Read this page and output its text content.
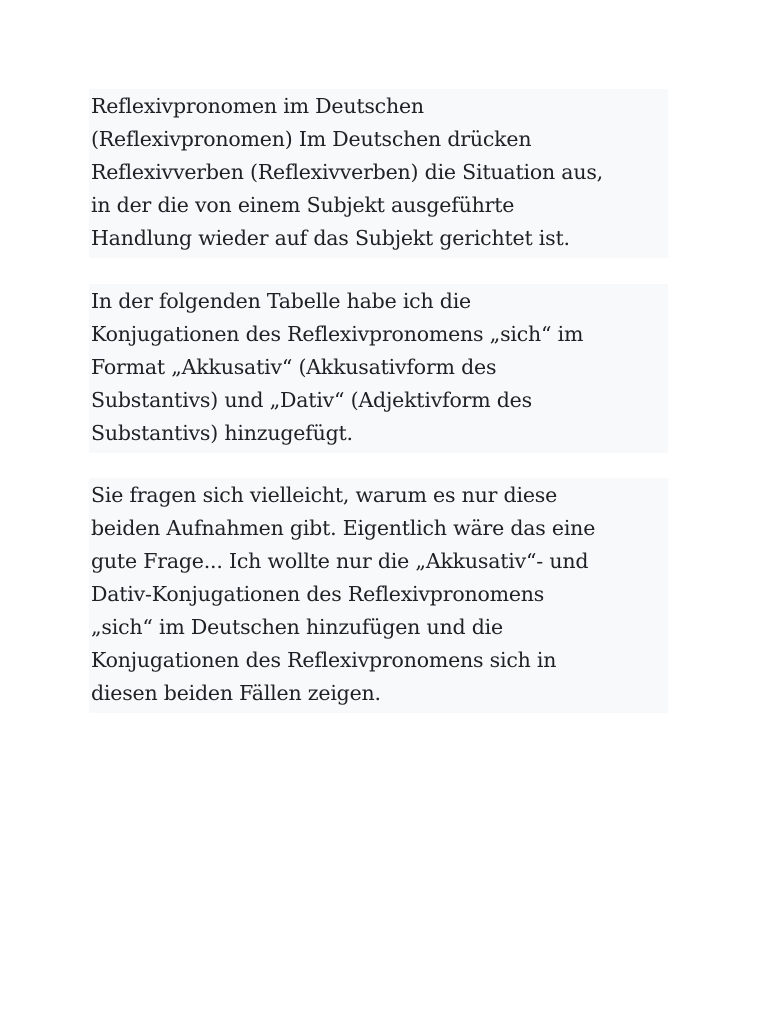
Reflexivpronomen im Deutschen
(Reflexivpronomen) Im Deutschen drücken
Reflexivverben (Reflexivverben) die Situation aus,
in der die von einem Subjekt ausgeführte
Handlung wieder auf das Subjekt gerichtet ist.
In der folgenden Tabelle habe ich die
Konjugationen des Reflexivpronomens „sich“ im
Format „Akkusativ“ (Akkusativform des
Substantivs) und „Dativ“ (Adjektivform des
Substantivs) hinzugefügt.
Sie fragen sich vielleicht, warum es nur diese
beiden Aufnahmen gibt. Eigentlich wäre das eine
gute Frage... Ich wollte nur die „Akkusativ“- und
Dativ-Konjugationen des Reflexivpronomens
„sich“ im Deutschen hinzufügen und die
Konjugationen des Reflexivpronomens sich in
diesen beiden Fällen zeigen.
